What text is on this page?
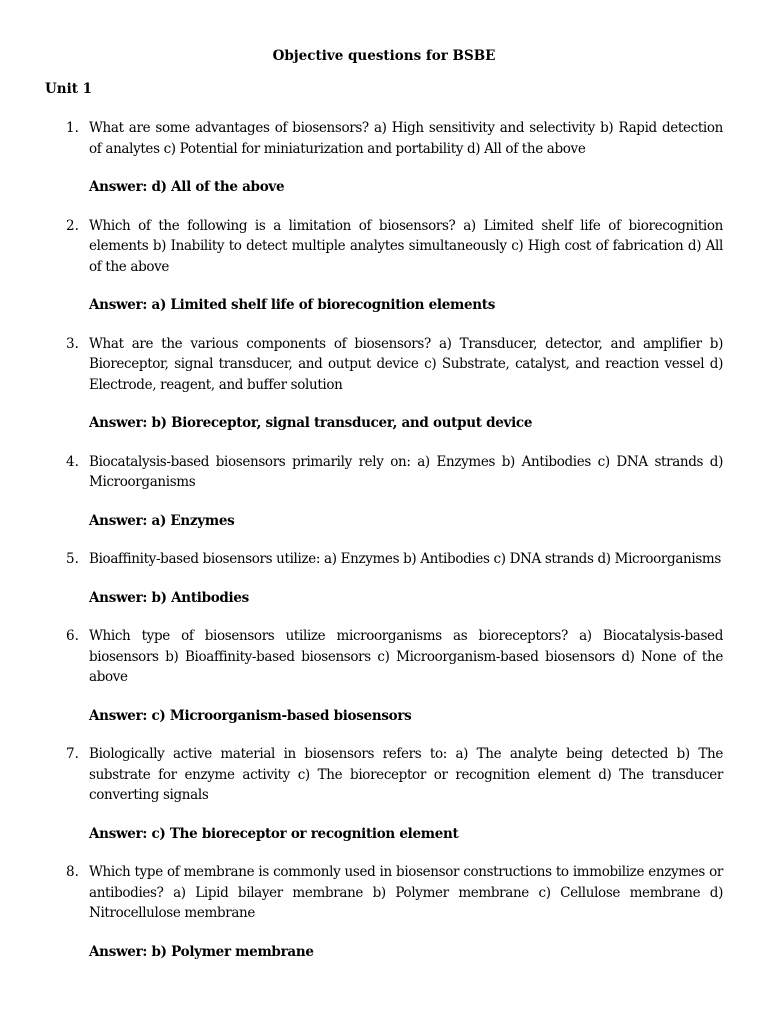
Objective questions for BSBE
Unit 1
1. What are some advantages of biosensors? a) High sensitivity and selectivity b) Rapid detection of analytes c) Potential for miniaturization and portability d) All of the above
Answer: d) All of the above
2. Which of the following is a limitation of biosensors? a) Limited shelf life of biorecognition elements b) Inability to detect multiple analytes simultaneously c) High cost of fabrication d) All of the above
Answer: a) Limited shelf life of biorecognition elements
3. What are the various components of biosensors? a) Transducer, detector, and amplifier b) Bioreceptor, signal transducer, and output device c) Substrate, catalyst, and reaction vessel d) Electrode, reagent, and buffer solution
Answer: b) Bioreceptor, signal transducer, and output device
4. Biocatalysis-based biosensors primarily rely on: a) Enzymes b) Antibodies c) DNA strands d) Microorganisms
Answer: a) Enzymes
5. Bioaffinity-based biosensors utilize: a) Enzymes b) Antibodies c) DNA strands d) Microorganisms
Answer: b) Antibodies
6. Which type of biosensors utilize microorganisms as bioreceptors? a) Biocatalysis-based biosensors b) Bioaffinity-based biosensors c) Microorganism-based biosensors d) None of the above
Answer: c) Microorganism-based biosensors
7. Biologically active material in biosensors refers to: a) The analyte being detected b) The substrate for enzyme activity c) The bioreceptor or recognition element d) The transducer converting signals
Answer: c) The bioreceptor or recognition element
8. Which type of membrane is commonly used in biosensor constructions to immobilize enzymes or antibodies? a) Lipid bilayer membrane b) Polymer membrane c) Cellulose membrane d) Nitrocellulose membrane
Answer: b) Polymer membrane
